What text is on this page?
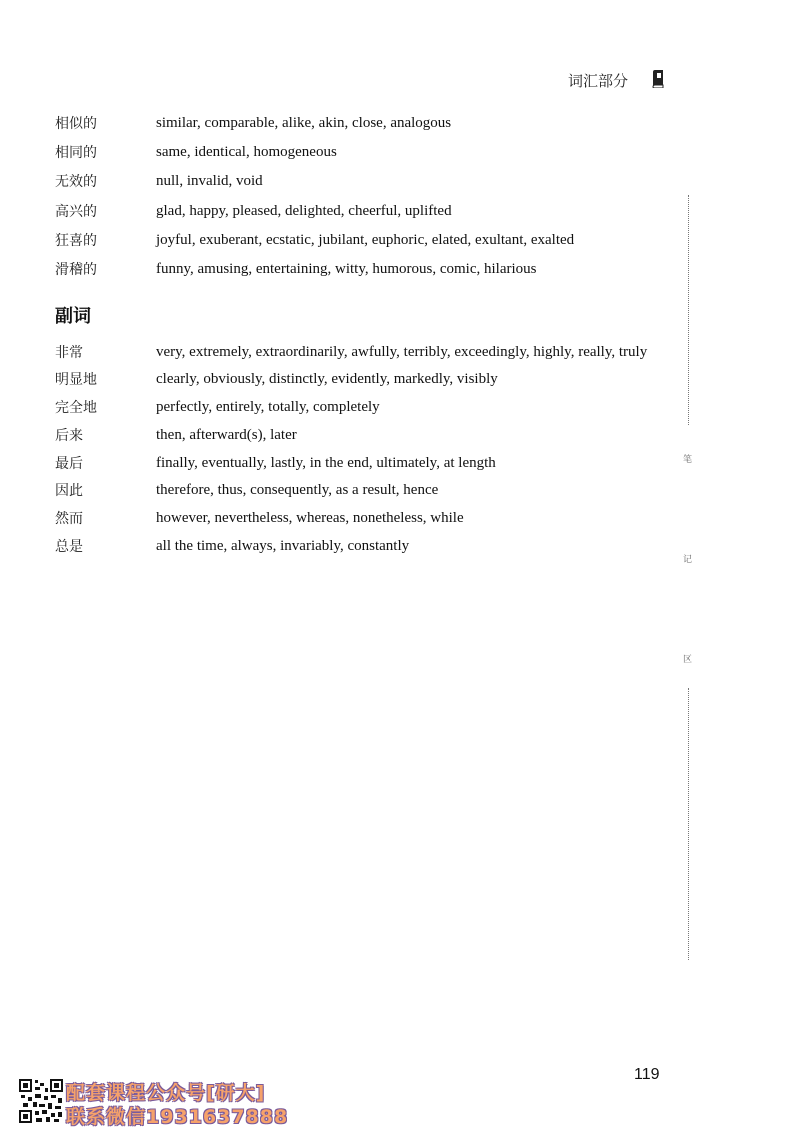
词汇部分
相似的	similar, comparable, alike, akin, close, analogous
相同的	same, identical, homogeneous
无效的	null, invalid, void
高兴的	glad, happy, pleased, delighted, cheerful, uplifted
狂喜的	joyful, exuberant, ecstatic, jubilant, euphoric, elated, exultant, exalted
滑稽的	funny, amusing, entertaining, witty, humorous, comic, hilarious
副词
非常	very, extremely, extraordinarily, awfully, terribly, exceedingly, highly, really, truly
明显地	clearly, obviously, distinctly, evidently, markedly, visibly
完全地	perfectly, entirely, totally, completely
后来	then, afterward(s), later
最后	finally, eventually, lastly, in the end, ultimately, at length
因此	therefore, thus, consequently, as a result, hence
然而	however, nevertheless, whereas, nonetheless, while
总是	all the time, always, invariably, constantly
笔
记
区
119
配套课程公众号[研大]
联系微信1931637888
